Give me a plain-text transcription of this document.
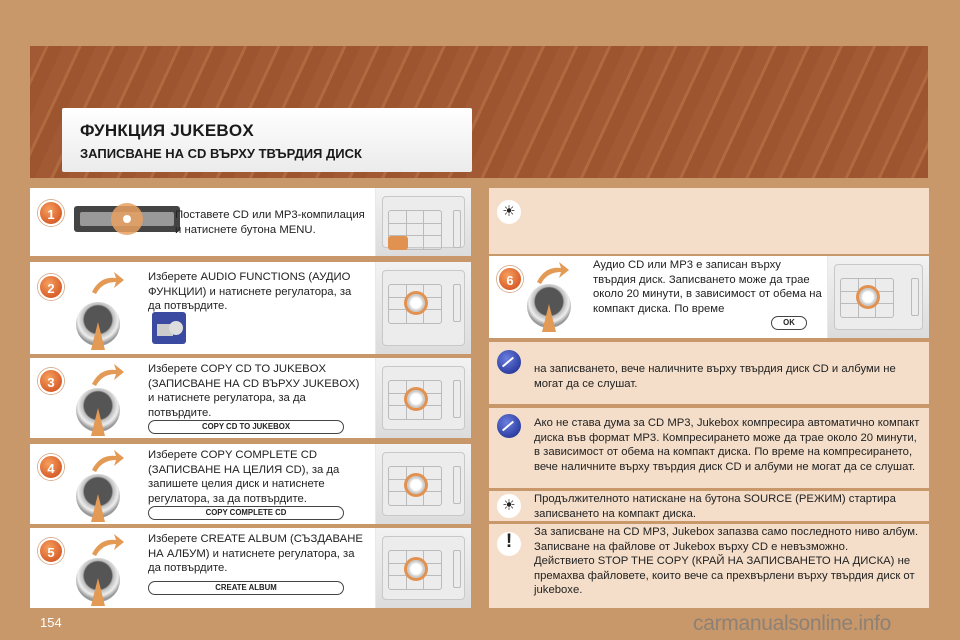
ФУНКЦИЯ JUKEBOX
ЗАПИСВАНЕ НА CD ВЪРХУ ТВЪРДИЯ ДИСК
1	Поставете CD или MP3-компилация и натиснете бутона MENU.
2
Изберете AUDIO FUNCTIONS (АУДИО ФУНКЦИИ) и натиснете регулатора, за да потвърдите.
3
Изберете COPY CD TO JUKEBOX (ЗАПИСВАНЕ НА CD ВЪРХУ JUKEBOX) и натиснете регулатора, за да потвърдите.
COPY CD TO JUKEBOX
4
Изберете COPY COMPLETE CD (ЗАПИСВАНЕ НА ЦЕЛИЯ CD), за да запишете целия диск и натиснете регулатора, за да потвърдите.
COPY COMPLETE CD
5
Изберете CREATE ALBUM (СЪЗДАВАНЕ НА АЛБУМ) и натиснете регулатора, за да потвърдите.
CREATE ALBUM
☀
6
Аудио CD или MP3 е записан върху твърдия диск. Записването може да трае около 20 минути, в зависимост от обема на компакт диска. По време
OK
на записването, вече наличните върху твърдия диск CD и албуми не могат да се слушат.
Ако не става дума за CD MP3, Jukebox компресира автоматично компакт диска във формат MP3. Компресирането може да трае около 20 минути, в зависимост от обема на компакт диска. По време на компресирането, вече наличните върху твърдия диск CD и албуми не могат да се слушат.
☀
Продължителното натискане на бутона SOURCE (РЕЖИМ) стартира записването на компакт диска.
!
За записване на CD MP3, Jukebox запазва само последното ниво албум. Записване на файлове от Jukebox върху CD е невъзможно.
Действието STOP THE COPY (КРАЙ НА ЗАПИСВАНЕТО НА ДИСКА) не премахва файловете, които вече са прехвърлени върху твърдия диск от jukeboxe.
154	carmanualsonline.info
